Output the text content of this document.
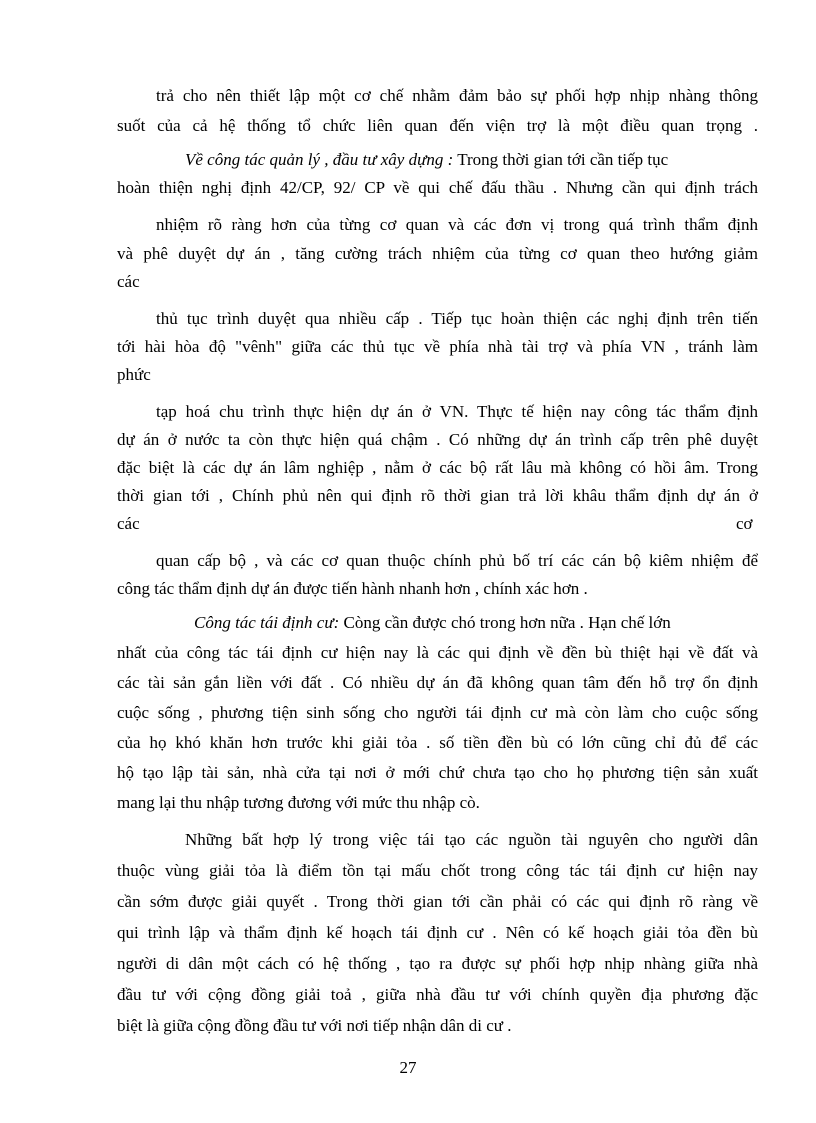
trả cho nên thiết lập một cơ chế nhằm đảm bảo sự phối hợp nhịp nhàng thông
suốt của cả hệ thống tổ chức liên quan đến viện trợ là một điều quan trọng .
Về công tác quản lý , đầu tư xây dựng : Trong thời gian tới cần tiếp tục
hoàn thiện nghị định 42/CP, 92/ CP về qui chế đấu thầu . Nhưng cần qui định trách
nhiệm rõ ràng hơn của từng cơ quan và các đơn vị trong quá trình thẩm định
và phê duyệt dự án , tăng cường trách nhiệm của từng cơ quan theo hướng giảm
các
thủ tục trình duyệt qua nhiều cấp . Tiếp tục hoàn thiện các nghị định trên tiến
tới hài hòa độ "vênh" giữa các thủ tục về phía nhà tài trợ và phía VN , tránh làm
phức
tạp hoá chu trình thực hiện dự án ở VN. Thực tế hiện nay công tác thẩm định
dự án ở nước ta còn thực hiện quá chậm . Có những dự án trình cấp trên phê duyệt
đặc biệt là các dự án lâm nghiệp , nằm ở các bộ rất lâu mà không có hồi âm. Trong
thời gian tới , Chính phủ nên qui định rõ thời gian trả lời khâu thẩm định dự án ở
các	cơ
quan cấp bộ , và các cơ quan thuộc chính phủ bố trí các cán bộ kiêm nhiệm để
công tác thẩm định dự án được tiến hành nhanh hơn , chính xác hơn .
Công tác tái định cư: Còng cần được chó trong hơn nữa . Hạn chế lớn
nhất của công tác tái định cư hiện nay là các qui định về đền bù thiệt hại về đất và
các tài sản gắn liền với đất . Có nhiều dự án đã không quan tâm đến hỗ trợ ổn định
cuộc sống , phương tiện sinh sống cho người tái định cư mà còn làm cho cuộc sống
của họ khó khăn hơn trước khi giải tỏa . số tiền đền bù có lớn cũng chỉ đủ để các
hộ tạo lập tài sản, nhà cửa tại nơi ở mới chứ chưa tạo cho họ phương tiện sản xuất
mang lại thu nhập tương đương với mức thu nhập cò.
Những bất hợp lý trong việc tái tạo các nguồn tài nguyên cho người dân
thuộc vùng giải tỏa là điểm tồn tại mấu chốt trong công tác tái định cư hiện nay
cần sớm được giải quyết . Trong thời gian tới cần phải có các qui định rõ ràng về
qui trình lập và thẩm định kế hoạch tái định cư . Nên có kế hoạch giải tỏa đền bù
người di dân một cách có hệ thống , tạo ra được sự phối hợp nhịp nhàng giữa nhà
đầu tư với cộng đồng giải toả , giữa nhà đầu tư với chính quyền địa phương đặc
biệt là giữa cộng đồng đầu tư với nơi tiếp nhận dân di cư .
27
